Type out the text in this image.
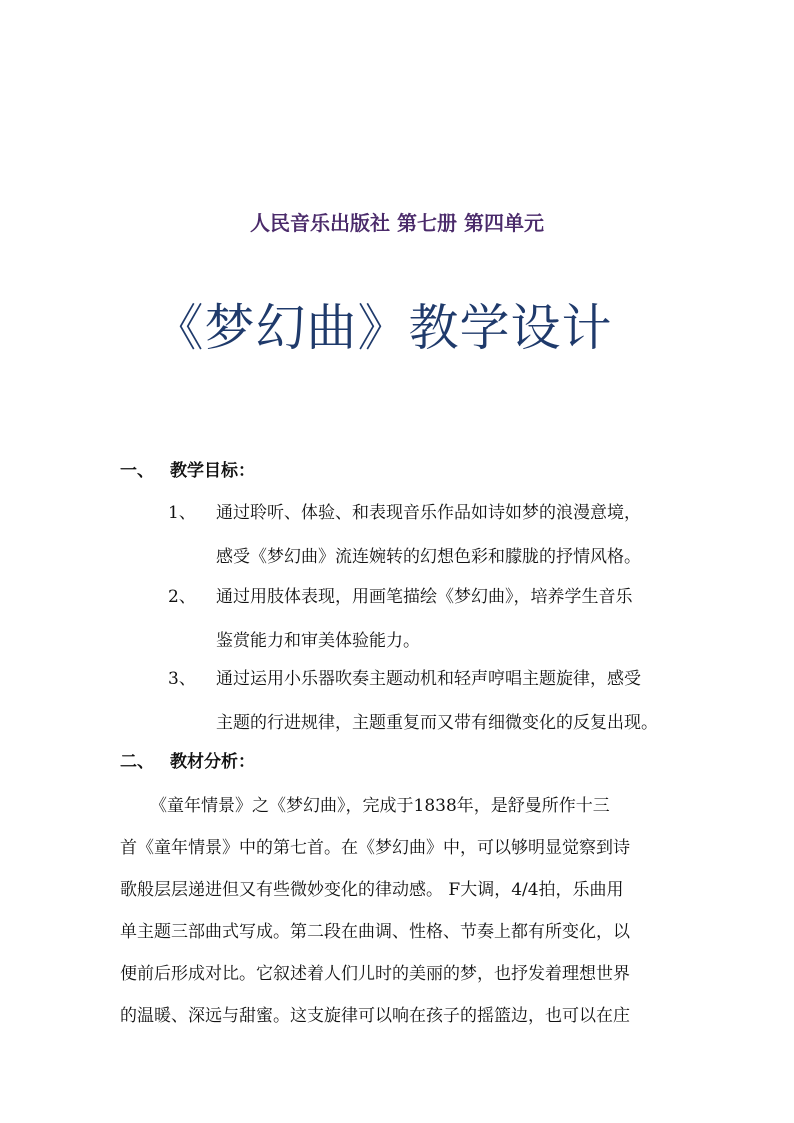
人民音乐出版社 第七册 第四单元
《梦幻曲》教学设计
一、 教学目标：
1、 通过聆听、体验、和表现音乐作品如诗如梦的浪漫意境，
感受《梦幻曲》流连婉转的幻想色彩和朦胧的抒情风格。
2、 通过用肢体表现，用画笔描绘《梦幻曲》，培养学生音乐
鉴赏能力和审美体验能力。
3、 通过运用小乐器吹奏主题动机和轻声哼唱主题旋律，感受
主题的行进规律，主题重复而又带有细微变化的反复出现。
二、 教材分析：
《童年情景》之《梦幻曲》，完成于1838年，是舒曼所作十三
首《童年情景》中的第七首。在《梦幻曲》中，可以够明显觉察到诗
歌般层层递进但又有些微妙变化的律动感。 F大调，4/4拍，乐曲用
单主题三部曲式写成。第二段在曲调、性格、节奏上都有所变化，以
便前后形成对比。它叙述着人们儿时的美丽的梦，也抒发着理想世界
的温暖、深远与甜蜜。这支旋律可以响在孩子的摇篮边，也可以在庄
